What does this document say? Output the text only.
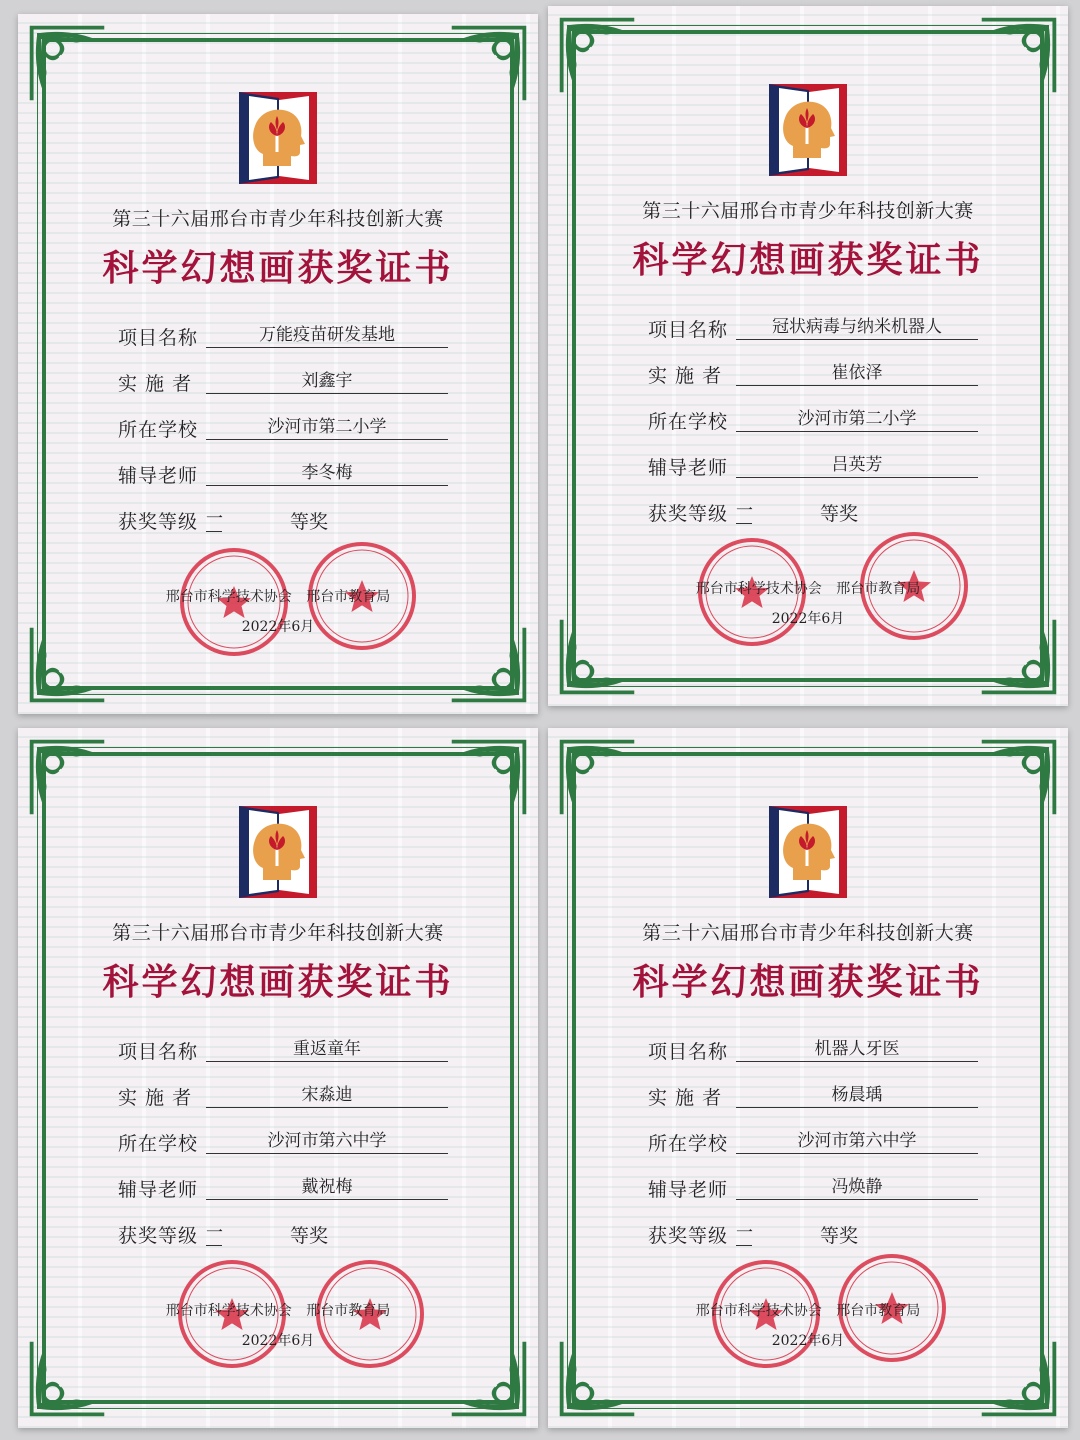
第三十六届邢台市青少年科技创新大赛
科学幻想画获奖证书
项目名称	万能疫苗研发基地
实 施 者	刘鑫宇
所在学校	沙河市第二小学
辅导老师	李冬梅
获奖等级 一	等奖
邢台市科学技术协会 邢台市教育局
2022年6月
第三十六届邢台市青少年科技创新大赛
科学幻想画获奖证书
项目名称	冠状病毒与纳米机器人
实 施 者	崔依泽
所在学校	沙河市第二小学
辅导老师	吕英芳
获奖等级 一	等奖
邢台市科学技术协会 邢台市教育局
2022年6月
第三十六届邢台市青少年科技创新大赛
科学幻想画获奖证书
项目名称	重返童年
实 施 者	宋淼迪
所在学校	沙河市第六中学
辅导老师	戴祝梅
获奖等级 一	等奖
邢台市科学技术协会 邢台市教育局
2022年6月
第三十六届邢台市青少年科技创新大赛
科学幻想画获奖证书
项目名称	机器人牙医
实 施 者	杨晨瑀
所在学校	沙河市第六中学
辅导老师	冯焕静
获奖等级 一	等奖
邢台市科学技术协会 邢台市教育局
2022年6月
